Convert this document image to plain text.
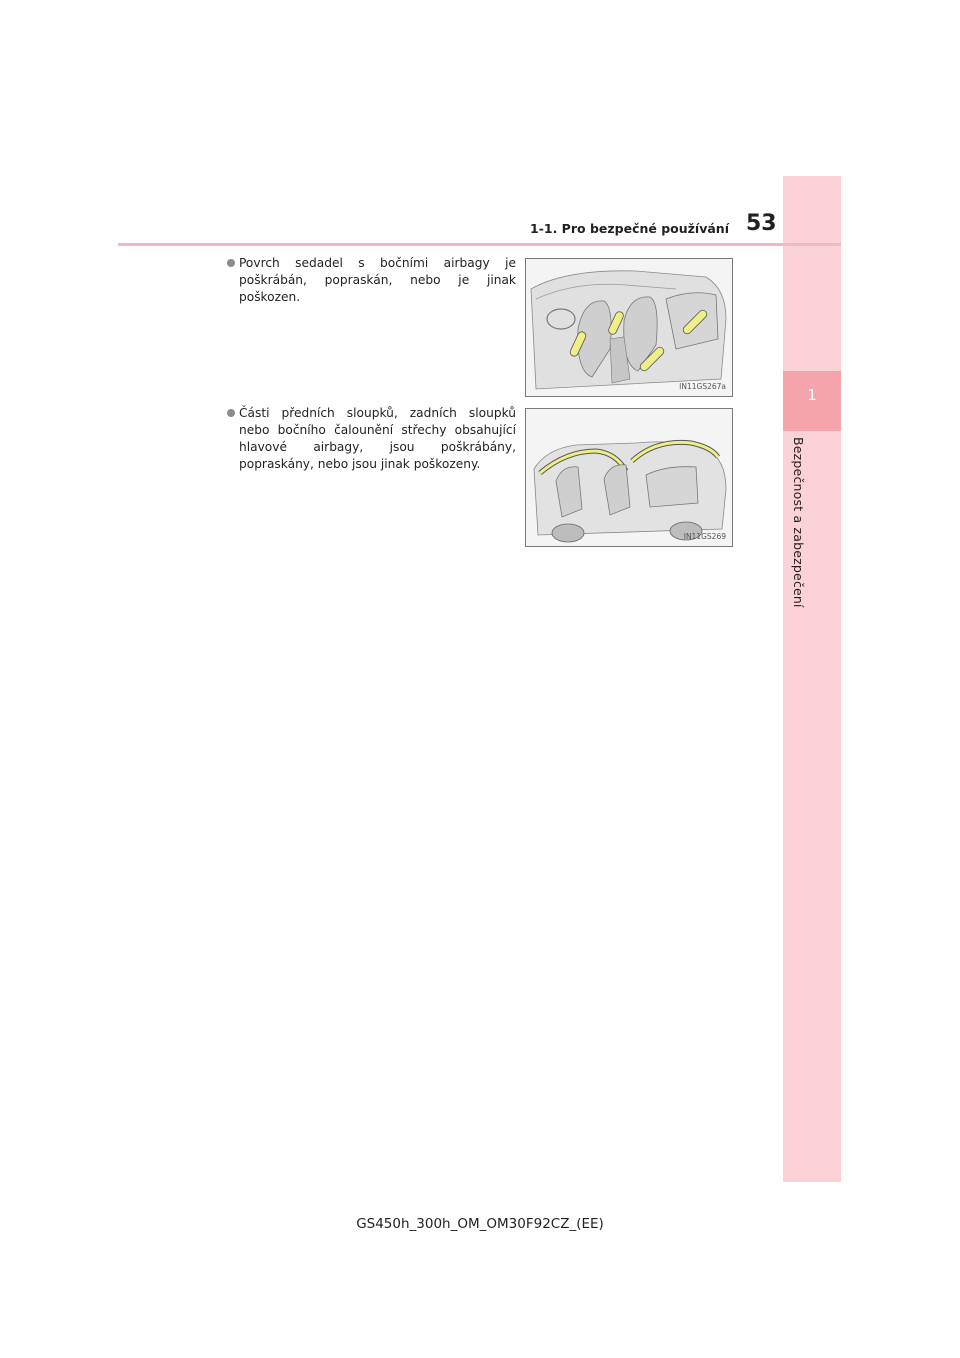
1
Bezpečnost a zabezpečení
1-1. Pro bezpečné používání 53
Povrch sedadel s bočními airbagy je poškrábán, popraskán, nebo je jinak poškozen.
IN11GS267a
Části předních sloupků, zadních sloupků nebo bočního čalounění střechy obsahující hlavové airbagy, jsou poškrábány, popraskány, nebo jsou jinak poškozeny.
IN11GS269
GS450h_300h_OM_OM30F92CZ_(EE)
